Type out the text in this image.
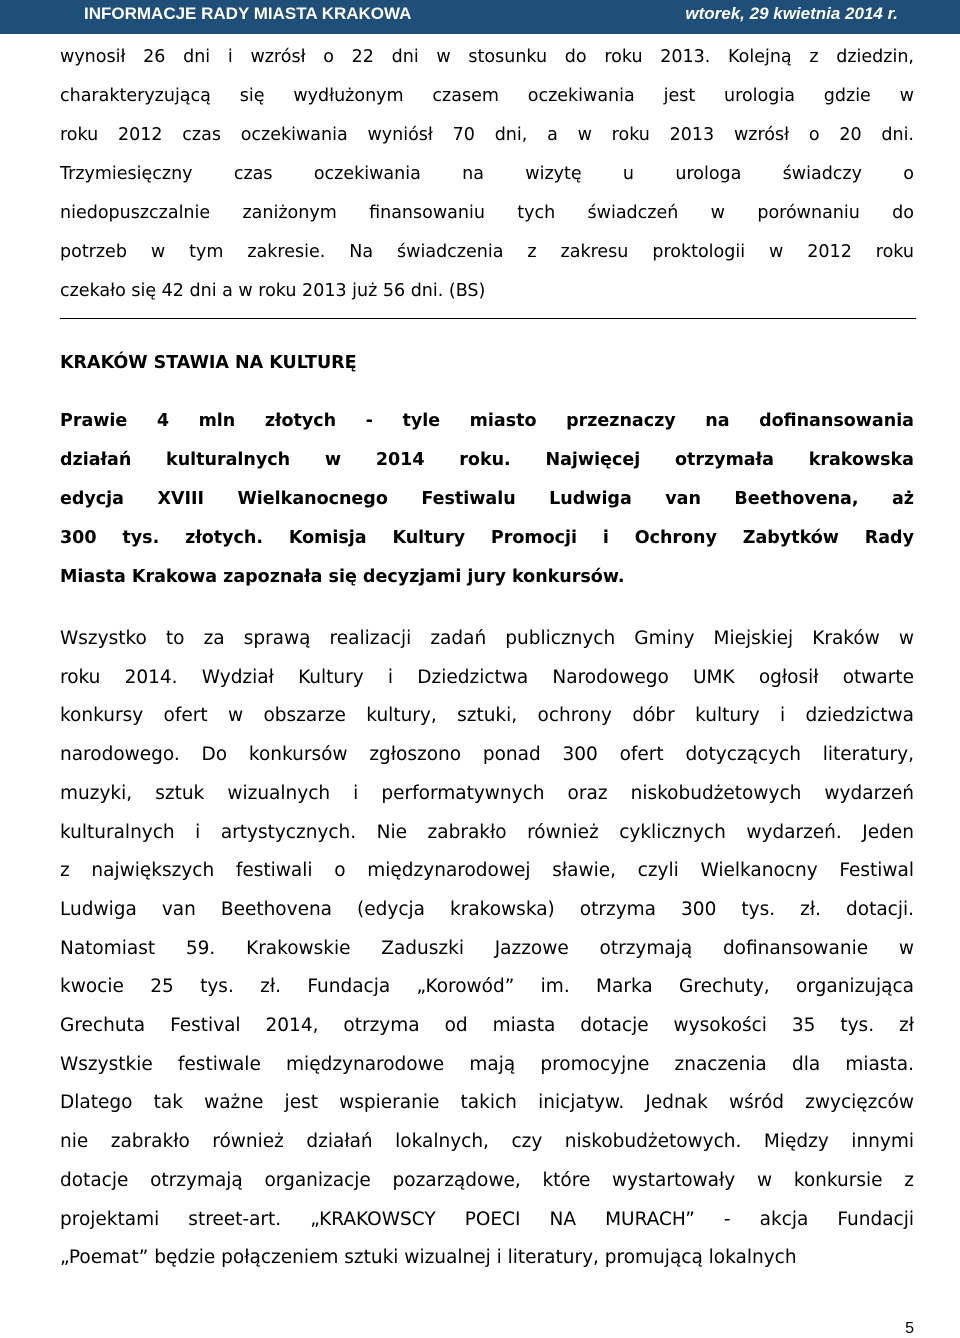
INFORMACJE RADY MIASTA KRAKOWA	wtorek, 29 kwietnia 2014 r.
wynosił 26 dni i wzrósł o 22 dni w stosunku do roku 2013. Kolejną z dziedzin,
charakteryzującą się wydłużonym czasem oczekiwania jest urologia gdzie w
roku 2012 czas oczekiwania wyniósł 70 dni, a w roku 2013 wzrósł o 20 dni.
Trzymiesięczny czas oczekiwania na wizytę u urologa świadczy o
niedopuszczalnie zaniżonym finansowaniu tych świadczeń w porównaniu do
potrzeb w tym zakresie. Na świadczenia z zakresu proktologii w 2012 roku
czekało się 42 dni a w roku 2013 już 56 dni. (BS)
KRAKÓW STAWIA NA KULTURĘ
Prawie 4 mln złotych - tyle miasto przeznaczy na dofinansowania
działań kulturalnych w 2014 roku. Najwięcej otrzymała krakowska
edycja XVIII Wielkanocnego Festiwalu Ludwiga van Beethovena, aż
300 tys. złotych. Komisja Kultury Promocji i Ochrony Zabytków Rady
Miasta Krakowa zapoznała się decyzjami jury konkursów.
Wszystko to za sprawą realizacji zadań publicznych Gminy Miejskiej Kraków w
roku 2014. Wydział Kultury i Dziedzictwa Narodowego UMK ogłosił otwarte
konkursy ofert w obszarze kultury, sztuki, ochrony dóbr kultury i dziedzictwa
narodowego. Do konkursów zgłoszono ponad 300 ofert dotyczących literatury,
muzyki, sztuk wizualnych i performatywnych oraz niskobudżetowych wydarzeń
kulturalnych i artystycznych. Nie zabrakło również cyklicznych wydarzeń. Jeden
z największych festiwali o międzynarodowej sławie, czyli Wielkanocny Festiwal
Ludwiga van Beethovena (edycja krakowska) otrzyma 300 tys. zł. dotacji.
Natomiast 59. Krakowskie Zaduszki Jazzowe otrzymają dofinansowanie w
kwocie 25 tys. zł. Fundacja „Korowód” im. Marka Grechuty, organizująca
Grechuta Festival 2014, otrzyma od miasta dotacje wysokości 35 tys. zł
Wszystkie festiwale międzynarodowe mają promocyjne znaczenia dla miasta.
Dlatego tak ważne jest wspieranie takich inicjatyw. Jednak wśród zwycięzców
nie zabrakło również działań lokalnych, czy niskobudżetowych. Między innymi
dotacje otrzymają organizacje pozarządowe, które wystartowały w konkursie z
projektami street-art. „KRAKOWSCY POECI NA MURACH” - akcja Fundacji
„Poemat” będzie połączeniem sztuki wizualnej i literatury, promującą lokalnych
5
